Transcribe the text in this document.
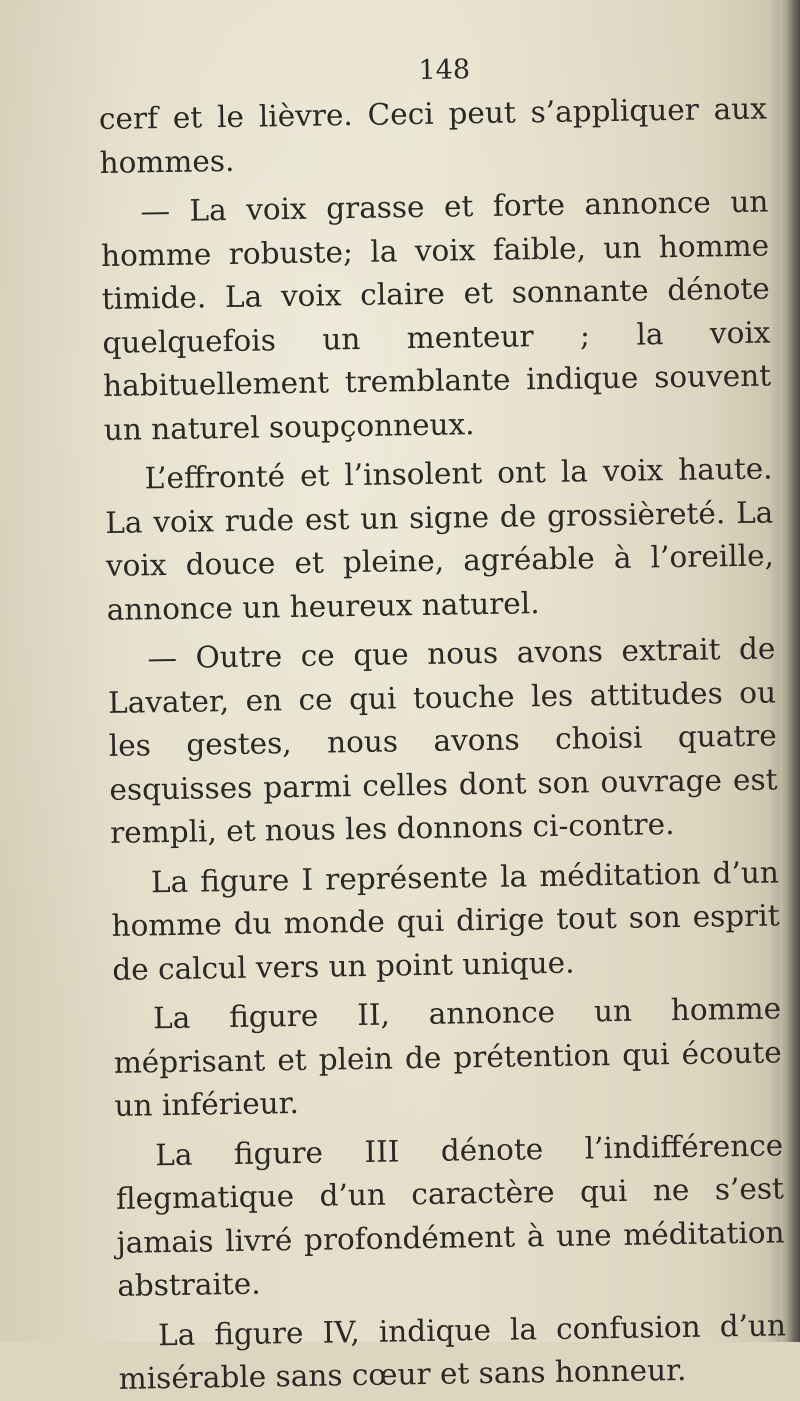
148

cerf et le lièvre. Ceci peut s’appliquer aux hommes.

— La voix grasse et forte annonce un homme robuste; la voix faible, un homme timide. La voix claire et sonnante dénote quelquefois un menteur ; la voix habituellement tremblante indique souvent un naturel soupçonneux.

L’effronté et l’insolent ont la voix haute. La voix rude est un signe de grossièreté. La voix douce et pleine, agréable à l’oreille, annonce un heureux naturel.

— Outre ce que nous avons extrait de Lavater, en ce qui touche les attitudes ou les gestes, nous avons choisi quatre esquisses parmi celles dont son ouvrage est rempli, et nous les donnons ci-contre.

La figure I représente la méditation d’un homme du monde qui dirige tout son esprit de calcul vers un point unique.

La figure II, annonce un homme méprisant et plein de prétention qui écoute un inférieur.

La figure III dénote l’indifférence flegmatique d’un caractère qui ne s’est jamais livré profondément à une méditation abstraite.

La figure IV, indique la confusion d’un misérable sans cœur et sans honneur.
